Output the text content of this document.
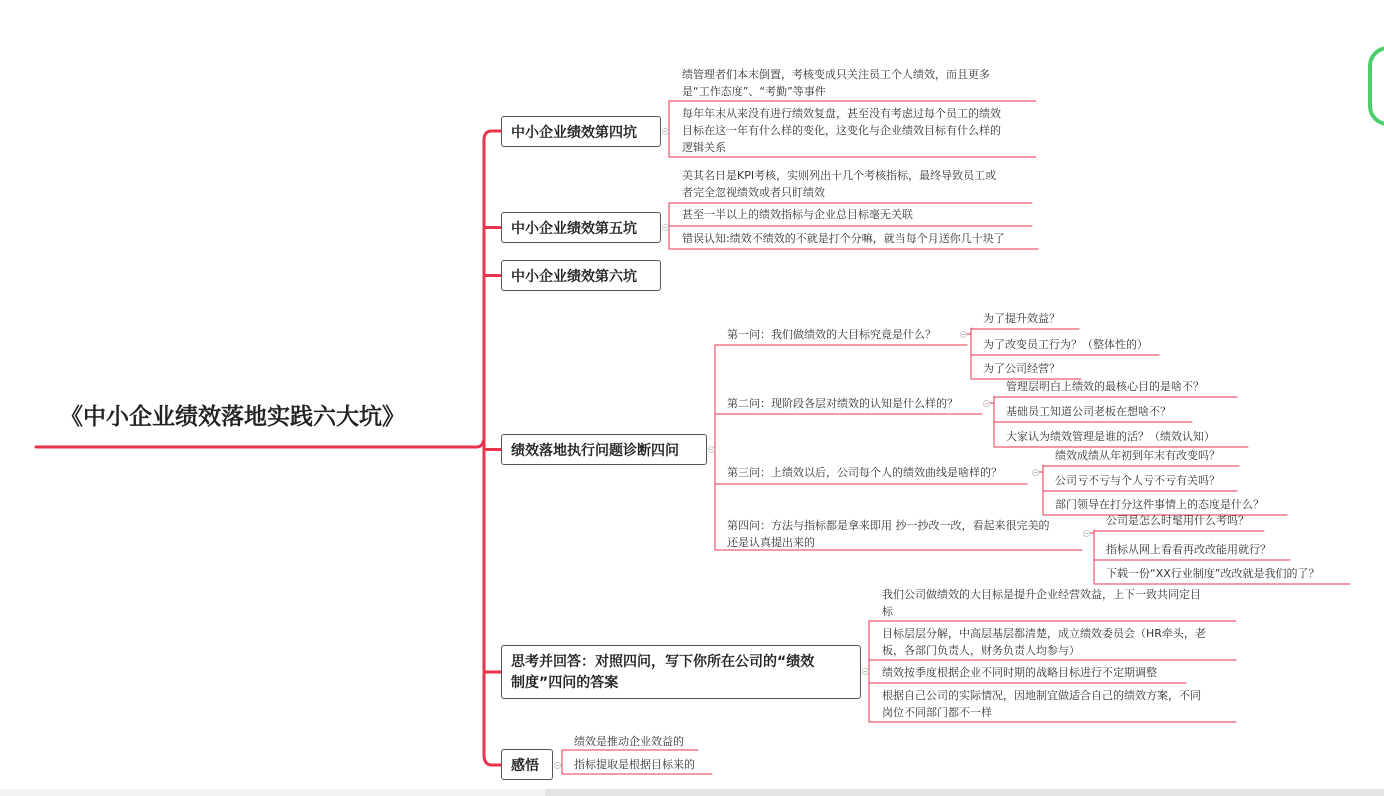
《中小企业绩效落地实践六大坑》
中小企业绩效第四坑
中小企业绩效第五坑
中小企业绩效第六坑
绩效落地执行问题诊断四问
思考并回答：对照四问，写下你所在公司的“绩效
制度”四问的答案
感悟
绩管理者们本末倒置，考核变成只关注员工个人绩效，而且更多
是“工作态度”、“考勤”等事件
每年年末从来没有进行绩效复盘，甚至没有考虑过每个员工的绩效
目标在这一年有什么样的变化，这变化与企业绩效目标有什么样的
逻辑关系
美其名日是KPI考核，实则列出十几个考核指标，最终导致员工或
者完全忽视绩效或者只盯绩效
甚至一半以上的绩效指标与企业总目标毫无关联
错误认知:绩效不绩效的不就是打个分嘛，就当每个月送你几十块了
第一问：我们做绩效的大目标究竟是什么？
为了提升效益？
为了改变员工行为？（整体性的）
为了公司经营？
第二问：现阶段各层对绩效的认知是什么样的？
管理层明白上绩效的最核心目的是啥不？
基础员工知道公司老板在想啥不？
大家认为绩效管理是谁的活？（绩效认知）
第三问：上绩效以后，公司每个人的绩效曲线是啥样的？
绩效成绩从年初到年末有改变吗？
公司亏不亏与个人亏不亏有关吗？
部门领导在打分这件事情上的态度是什么？
第四问：方法与指标都是拿来即用 抄一抄改一改，看起来很完美的
还是认真提出来的
公司是怎么时髦用什么考吗？
指标从网上看看再改改能用就行？
下载一份“XX行业制度”改改就是我们的了？
我们公司做绩效的大目标是提升企业经营效益，上下一致共同定目
标
目标层层分解，中高层基层都清楚，成立绩效委员会（HR牵头，老
板，各部门负责人，财务负责人均参与）
绩效按季度根据企业不同时期的战略目标进行不定期调整
根据自己公司的实际情况，因地制宜做适合自己的绩效方案，不同
岗位不同部门都不一样
绩效是推动企业效益的
指标提取是根据目标来的
